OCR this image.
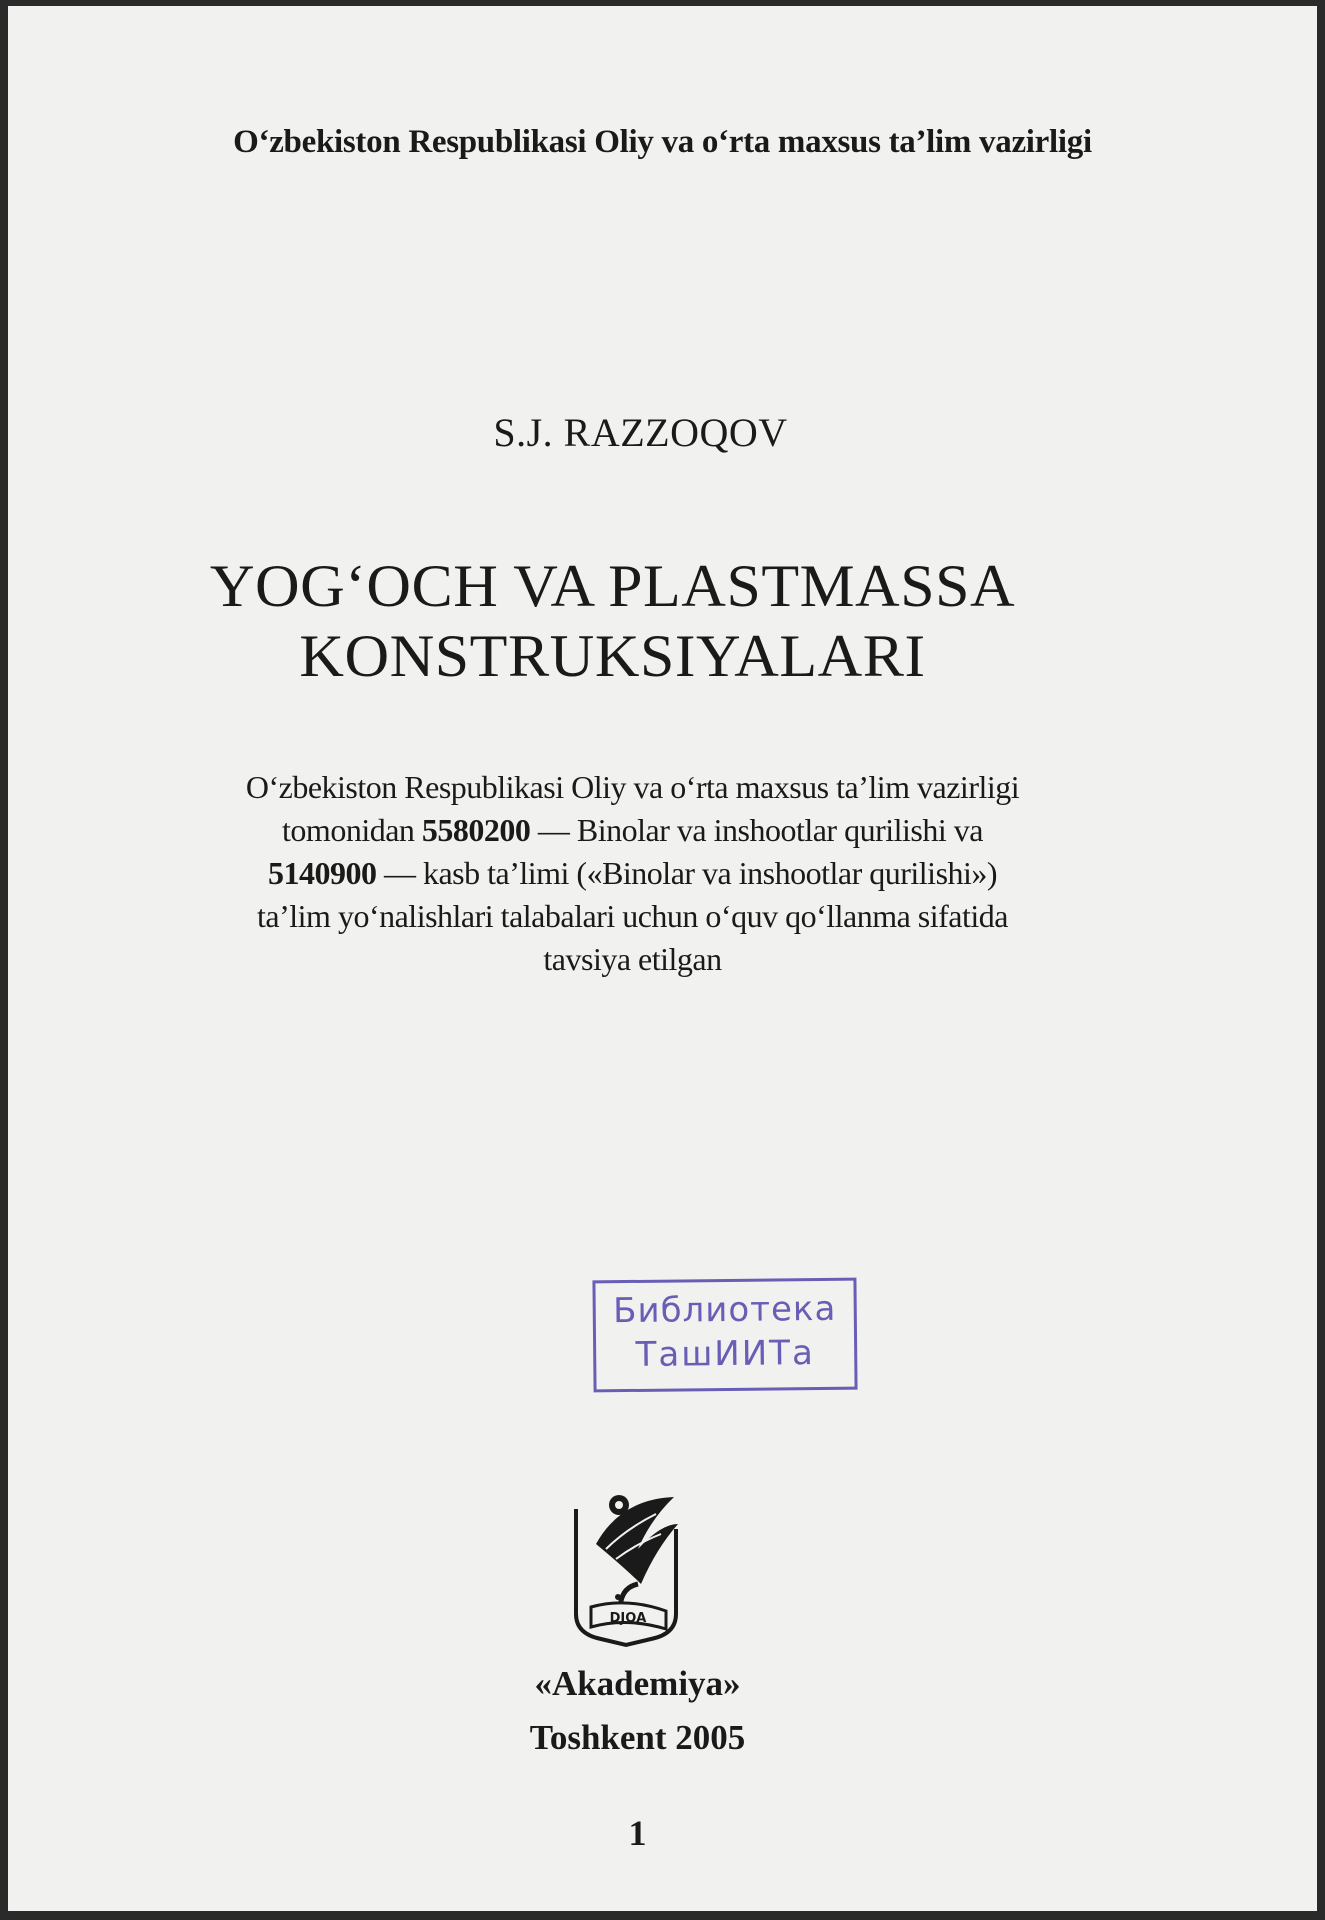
O‘zbekiston Respublikasi Oliy va o‘rta maxsus ta’lim vazirligi
S.J. RAZZOQOV
YOG‘OCH VA PLASTMASSA
KONSTRUKSIYALARI
O‘zbekiston Respublikasi Oliy va o‘rta maxsus ta’lim vazirligi
tomonidan 5580200 — Binolar va inshootlar qurilishi va
5140900 — kasb ta’limi («Binolar va inshootlar qurilishi»)
ta’lim yo‘nalishlari talabalari uchun o‘quv qo‘llanma sifatida
tavsiya etilgan
Библиотека
ТашИИТа
DJQA
«Akademiya»
Toshkent 2005
1
